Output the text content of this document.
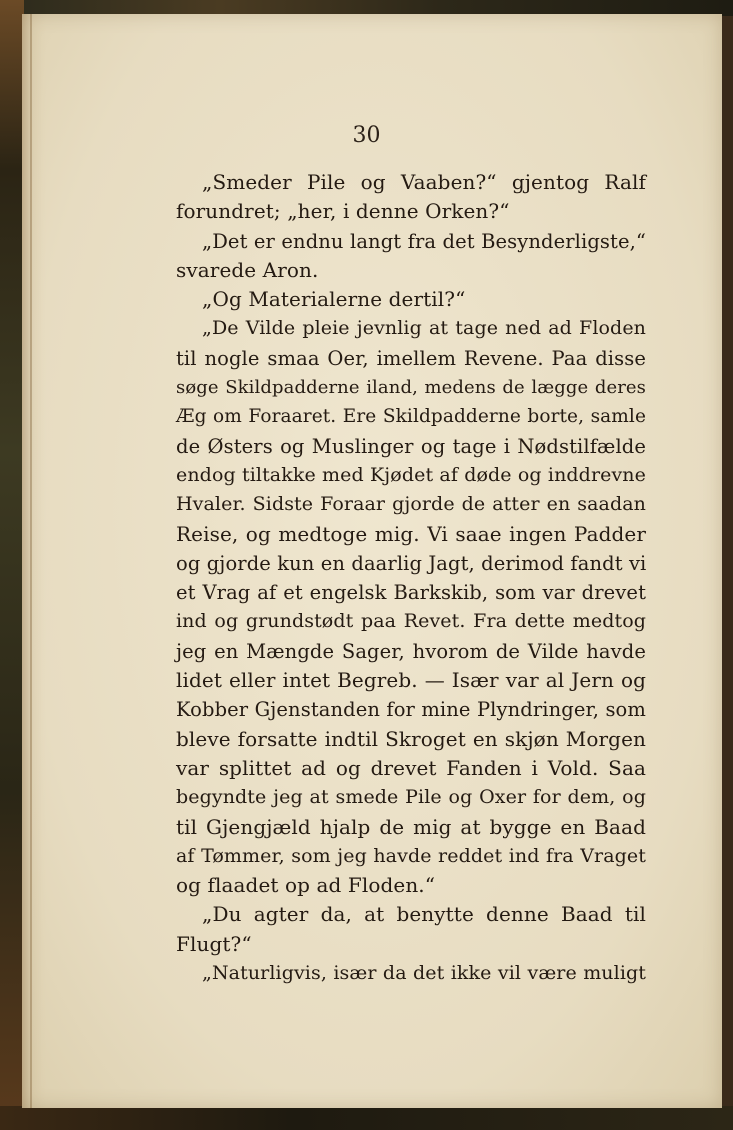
30
„Smeder Pile og Vaaben?“ gjentog Ralf
forundret; „her, i denne Orken?“
„Det er endnu langt fra det Besynderligste,“
svarede Aron.
„Og Materialerne dertil?“
„De Vilde pleie jevnlig at tage ned ad Floden
til nogle smaa Oer, imellem Revene. Paa disse
søge Skildpadderne iland, medens de lægge deres
Æg om Foraaret. Ere Skildpadderne borte, samle
de Østers og Muslinger og tage i Nødstilfælde
endog tiltakke med Kjødet af døde og inddrevne
Hvaler. Sidste Foraar gjorde de atter en saadan
Reise, og medtoge mig. Vi saae ingen Padder
og gjorde kun en daarlig Jagt, derimod fandt vi
et Vrag af et engelsk Barkskib, som var drevet
ind og grundstødt paa Revet. Fra dette medtog
jeg en Mængde Sager, hvorom de Vilde havde
lidet eller intet Begreb. — Især var al Jern og
Kobber Gjenstanden for mine Plyndringer, som
bleve forsatte indtil Skroget en skjøn Morgen
var splittet ad og drevet Fanden i Vold. Saa
begyndte jeg at smede Pile og Oxer for dem, og
til Gjengjæld hjalp de mig at bygge en Baad
af Tømmer, som jeg havde reddet ind fra Vraget
og flaadet op ad Floden.“
„Du agter da, at benytte denne Baad til
Flugt?“
„Naturligvis, især da det ikke vil være muligt
